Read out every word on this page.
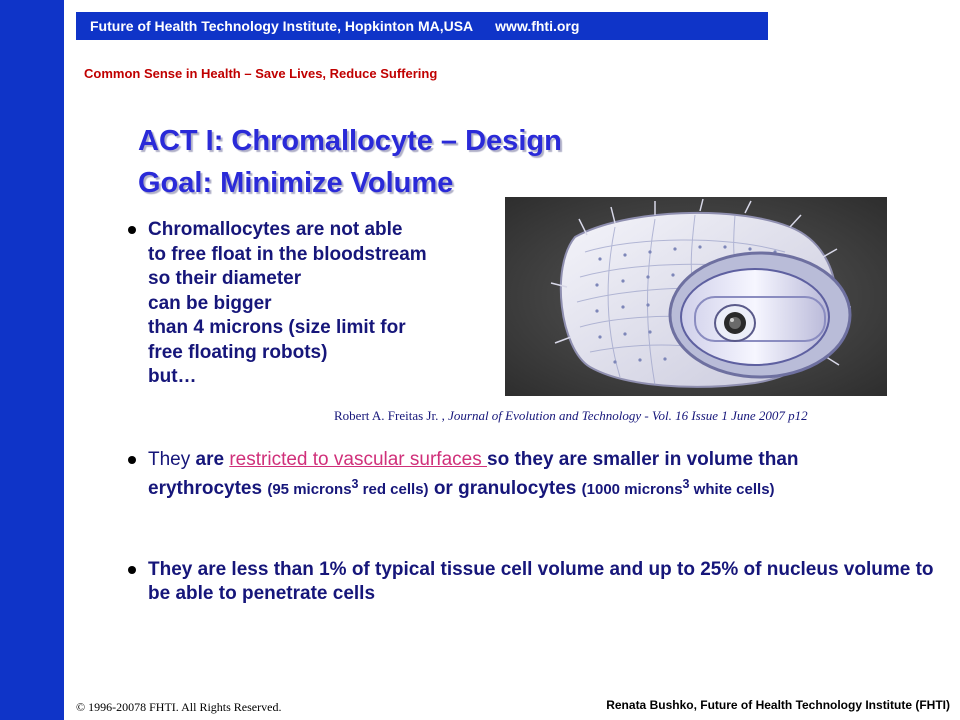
Future of Health Technology Institute, Hopkinton MA,USA www.fhti.org
Common Sense in Health – Save Lives, Reduce Suffering
ACT I: Chromallocyte – Design
Goal: Minimize Volume
Chromallocytes are not able
to free float in the bloodstream
so their diameter
can be bigger
than 4 microns (size limit for
free floating robots)
but…
Robert A. Freitas Jr. , Journal of Evolution and Technology - Vol. 16 Issue 1 June 2007 p12
They are restricted to vascular surfaces so they are smaller in volume than erythrocytes (95 microns$^3$ red cells) or granulocytes (1000 microns$^3$ white cells)
They are less than 1% of typical tissue cell volume and up to 25% of nucleus volume to be able to penetrate cells
© 1996-20078 FHTI. All Rights Reserved.	Renata Bushko, Future of Health Technology Institute (FHTI)
